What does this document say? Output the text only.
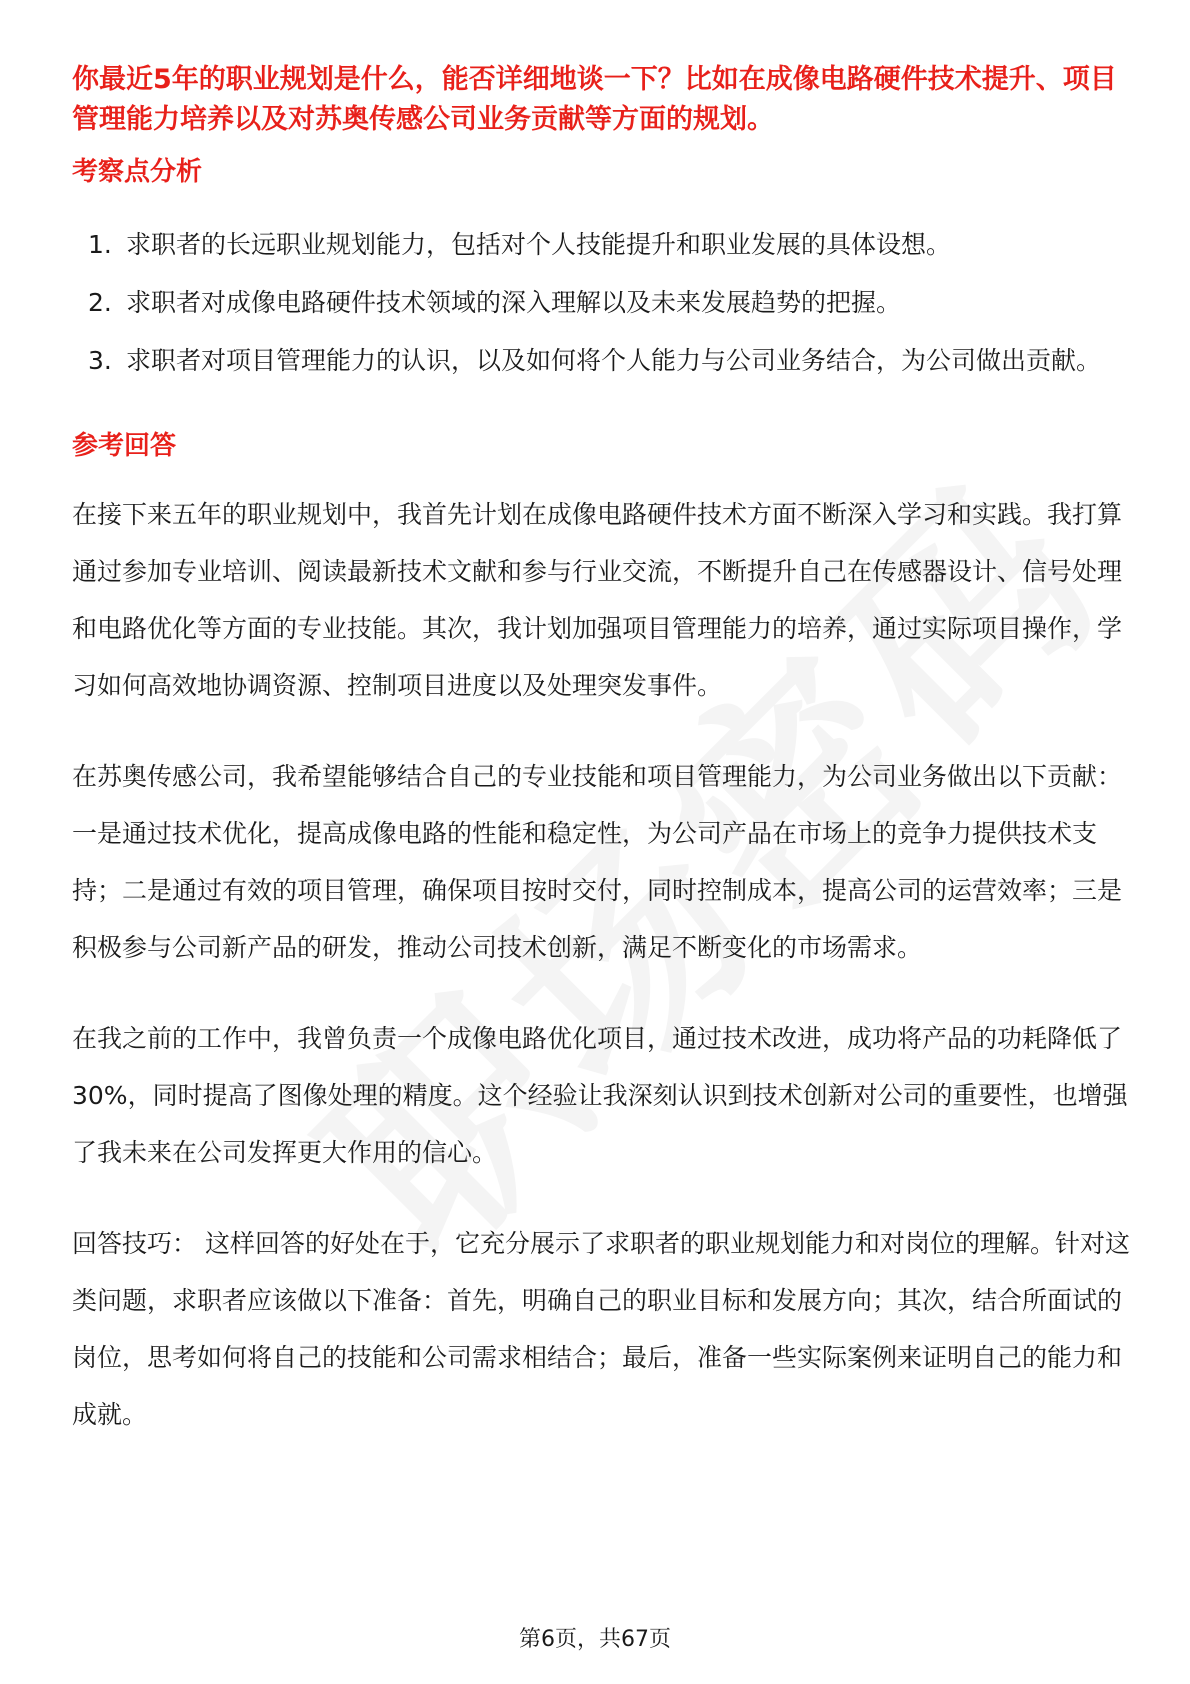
你最近5年的职业规划是什么，能否详细地谈一下？比如在成像电路硬件技术提升、项目管理能力培养以及对苏奥传感公司业务贡献等方面的规划。

考察点分析

1. 求职者的长远职业规划能力，包括对个人技能提升和职业发展的具体设想。
2. 求职者对成像电路硬件技术领域的深入理解以及未来发展趋势的把握。
3. 求职者对项目管理能力的认识，以及如何将个人能力与公司业务结合，为公司做出贡献。

参考回答

在接下来五年的职业规划中，我首先计划在成像电路硬件技术方面不断深入学习和实践。我打算通过参加专业培训、阅读最新技术文献和参与行业交流，不断提升自己在传感器设计、信号处理和电路优化等方面的专业技能。其次，我计划加强项目管理能力的培养，通过实际项目操作，学习如何高效地协调资源、控制项目进度以及处理突发事件。

在苏奥传感公司，我希望能够结合自己的专业技能和项目管理能力，为公司业务做出以下贡献：一是通过技术优化，提高成像电路的性能和稳定性，为公司产品在市场上的竞争力提供技术支持；二是通过有效的项目管理，确保项目按时交付，同时控制成本，提高公司的运营效率；三是积极参与公司新产品的研发，推动公司技术创新，满足不断变化的市场需求。

在我之前的工作中，我曾负责一个成像电路优化项目，通过技术改进，成功将产品的功耗降低了30%，同时提高了图像处理的精度。这个经验让我深刻认识到技术创新对公司的重要性，也增强了我未来在公司发挥更大作用的信心。

回答技巧： 这样回答的好处在于，它充分展示了求职者的职业规划能力和对岗位的理解。针对这类问题，求职者应该做以下准备：首先，明确自己的职业目标和发展方向；其次，结合所面试的岗位，思考如何将自己的技能和公司需求相结合；最后，准备一些实际案例来证明自己的能力和成就。

第6页，共67页
